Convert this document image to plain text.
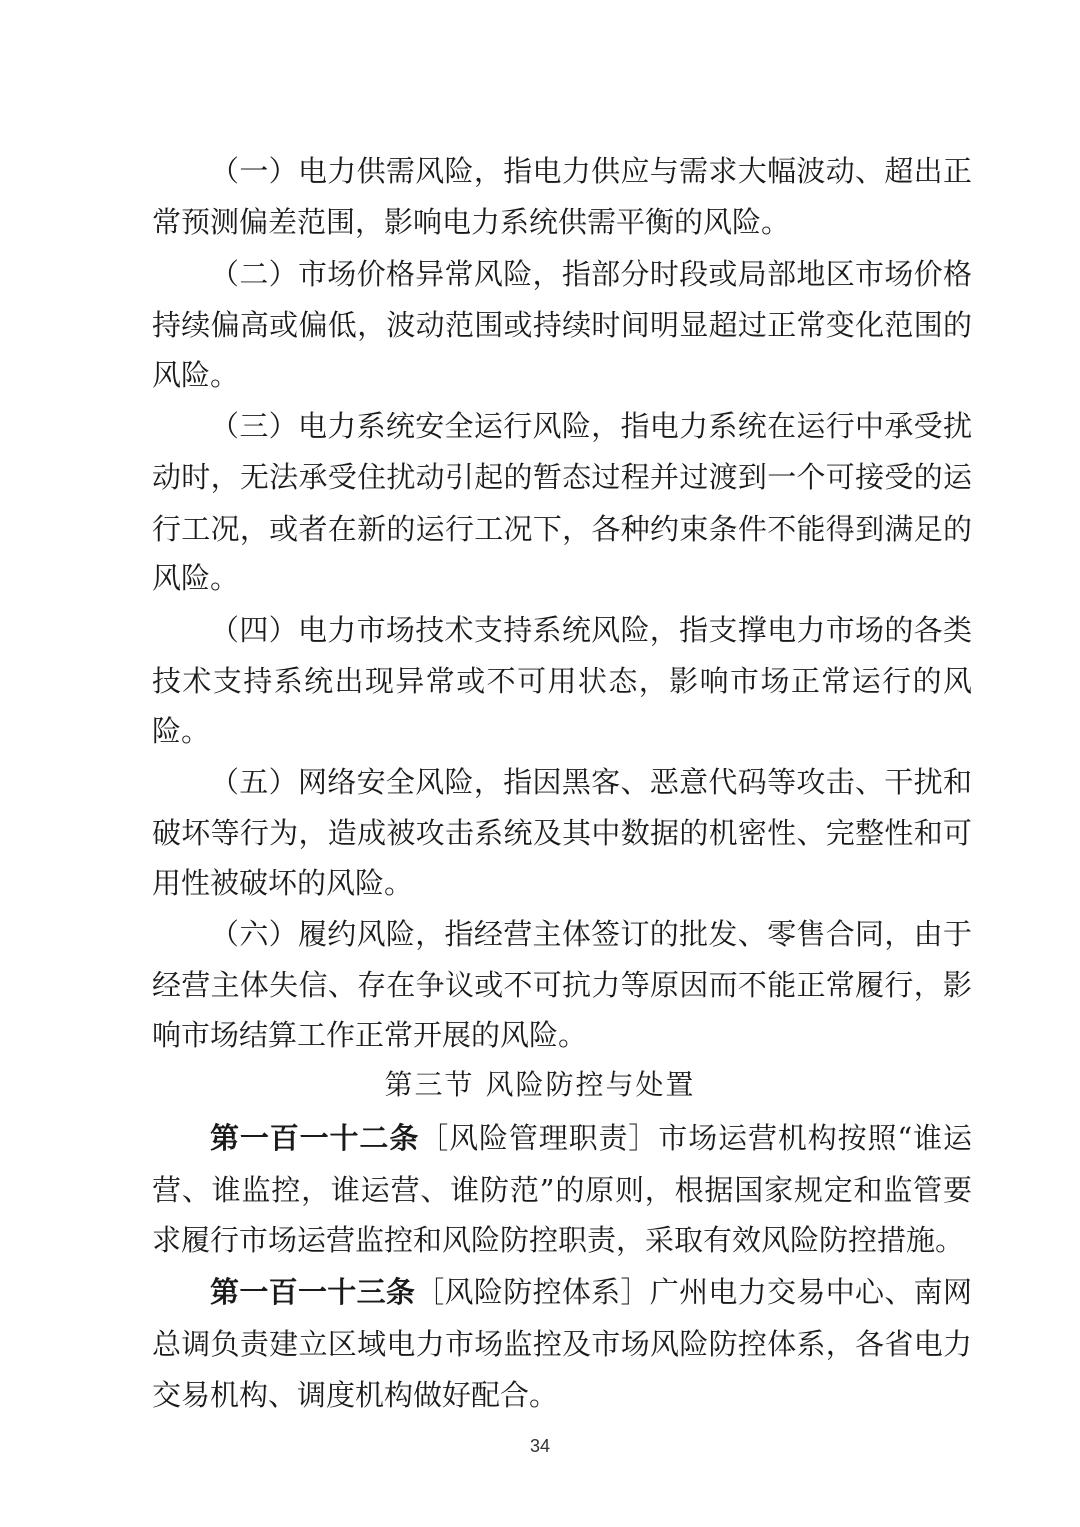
（一）电力供需风险，指电力供应与需求大幅波动、超出正
常预测偏差范围，影响电力系统供需平衡的风险。
（二）市场价格异常风险，指部分时段或局部地区市场价格
持续偏高或偏低，波动范围或持续时间明显超过正常变化范围的
风险。
（三）电力系统安全运行风险，指电力系统在运行中承受扰
动时，无法承受住扰动引起的暂态过程并过渡到一个可接受的运
行工况，或者在新的运行工况下，各种约束条件不能得到满足的
风险。
（四）电力市场技术支持系统风险，指支撑电力市场的各类
技术支持系统出现异常或不可用状态，影响市场正常运行的风
险。
（五）网络安全风险，指因黑客、恶意代码等攻击、干扰和
破坏等行为，造成被攻击系统及其中数据的机密性、完整性和可
用性被破坏的风险。
（六）履约风险，指经营主体签订的批发、零售合同，由于
经营主体失信、存在争议或不可抗力等原因而不能正常履行，影
响市场结算工作正常开展的风险。
第三节 风险防控与处置
第一百一十二条［风险管理职责］市场运营机构按照“谁运
营、谁监控，谁运营、谁防范”的原则，根据国家规定和监管要
求履行市场运营监控和风险防控职责，采取有效风险防控措施。
第一百一十三条［风险防控体系］广州电力交易中心、南网
总调负责建立区域电力市场监控及市场风险防控体系，各省电力
交易机构、调度机构做好配合。
34
